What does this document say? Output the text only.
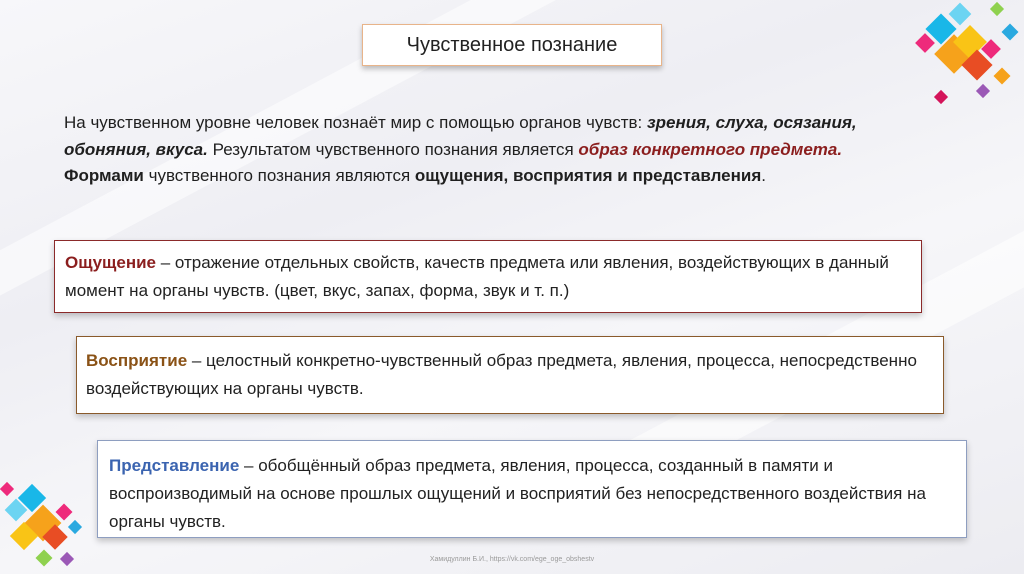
Чувственное познание
На чувственном уровне человек познаёт мир с помощью органов чувств: зрения, слуха, осязания, обоняния, вкуса. Результатом чувственного познания является образ конкретного предмета.
Формами чувственного познания являются ощущения, восприятия и представления.
Ощущение – отражение отдельных свойств, качеств предмета или явления, воздействующих в данный момент на органы чувств. (цвет, вкус, запах, форма, звук и т. п.)
Восприятие – целостный конкретно-чувственный образ предмета, явления, процесса, непосредственно воздействующих на органы чувств.
Представление – обобщённый образ предмета, явления, процесса, созданный в памяти и воспроизводимый на основе прошлых ощущений и восприятий без непосредственного воздействия на органы чувств.
Хамидуллин Б.И., https://vk.com/ege_oge_obshestv
